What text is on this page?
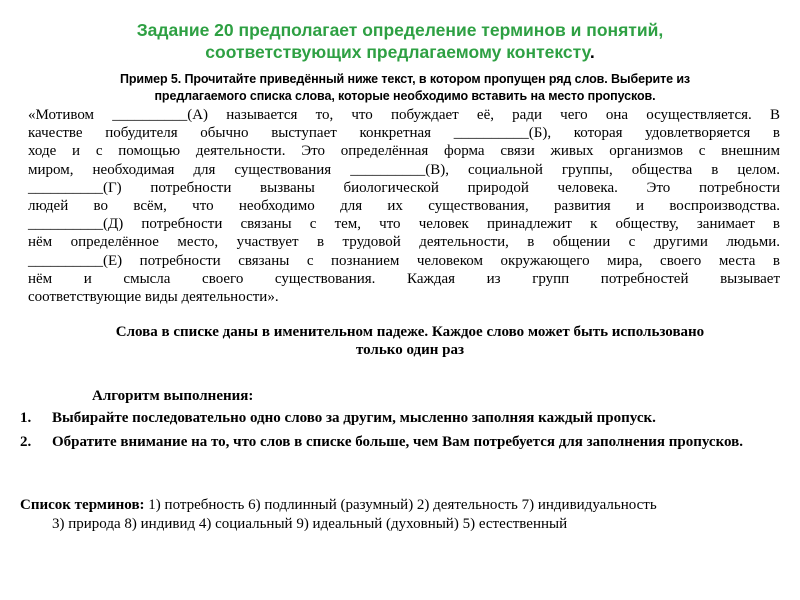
Задание 20 предполагает определение терминов и понятий,
соответствующих предлагаемому контексту.
Пример 5. Прочитайте приведённый ниже текст, в котором пропущен ряд слов. Выберите из
предлагаемого списка слова, которые необходимо вставить на место пропусков.
«Мотивом __________(А) называется то, что побуждает её, ради чего она осуществляется. В
качестве побудителя обычно выступает конкретная __________(Б), которая удовлетворяется в
ходе и с помощью деятельности. Это определённая форма связи живых организмов с внешним
миром, необходимая для существования __________(В), социальной группы, общества в целом.
__________(Г) потребности вызваны биологической природой человека. Это потребности
людей во всём, что необходимо для их существования, развития и воспроизводства.
__________(Д) потребности связаны с тем, что человек принадлежит к обществу, занимает в
нём определённое место, участвует в трудовой деятельности, в общении с другими людьми.
__________(Е) потребности связаны с познанием человеком окружающего мира, своего места в
нём и смысла своего существования. Каждая из групп потребностей вызывает
соответствующие виды деятельности».
Слова в списке даны в именительном падеже. Каждое слово может быть использовано
только один раз
Алгоритм выполнения:
1.	Выбирайте последовательно одно слово за другим, мысленно заполняя каждый пропуск.
2.	Обратите внимание на то, что слов в списке больше, чем Вам потребуется для заполнения пропусков.
Список терминов: 1) потребность 6) подлинный (разумный) 2) деятельность 7) индивидуальность
3) природа 8) индивид 4) социальный 9) идеальный (духовный) 5) естественный
